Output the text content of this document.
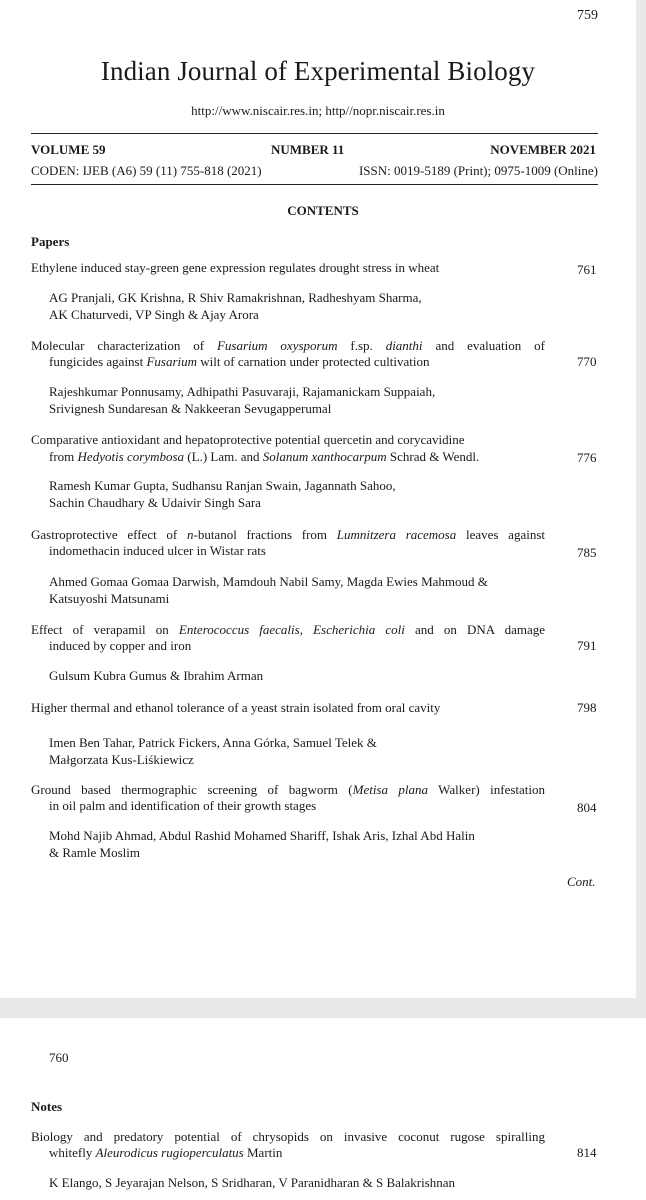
759
Indian Journal of Experimental Biology
http://www.niscair.res.in; http//nopr.niscair.res.in
VOLUME 59	NUMBER 11	NOVEMBER 2021
CODEN: IJEB (A6) 59 (11) 755-818 (2021)	ISSN: 0019-5189 (Print); 0975-1009 (Online)
CONTENTS
Papers
Ethylene induced stay-green gene expression regulates drought stress in wheat	761
AG Pranjali, GK Krishna, R Shiv Ramakrishnan, Radheshyam Sharma,
AK Chaturvedi, VP Singh & Ajay Arora
Molecular characterization of Fusarium oxysporum f.sp. dianthi and evaluation of
fungicides against Fusarium wilt of carnation under protected cultivation	770
Rajeshkumar Ponnusamy, Adhipathi Pasuvaraji, Rajamanickam Suppaiah,
Srivignesh Sundaresan & Nakkeeran Sevugapperumal
Comparative antioxidant and hepatoprotective potential quercetin and corycavidine
from Hedyotis corymbosa (L.) Lam. and Solanum xanthocarpum Schrad & Wendl.	776
Ramesh Kumar Gupta, Sudhansu Ranjan Swain, Jagannath Sahoo,
Sachin Chaudhary & Udaivir Singh Sara
Gastroprotective effect of n-butanol fractions from Lumnitzera racemosa leaves against
indomethacin induced ulcer in Wistar rats	785
Ahmed Gomaa Gomaa Darwish, Mamdouh Nabil Samy, Magda Ewies Mahmoud &
Katsuyoshi Matsunami
Effect of verapamil on Enterococcus faecalis, Escherichia coli and on DNA damage
induced by copper and iron	791
Gulsum Kubra Gumus & Ibrahim Arman
Higher thermal and ethanol tolerance of a yeast strain isolated from oral cavity	798
Imen Ben Tahar, Patrick Fickers, Anna Górka, Samuel Telek &
Małgorzata Kus-Liśkiewicz
Ground based thermographic screening of bagworm (Metisa plana Walker) infestation
in oil palm and identification of their growth stages	804
Mohd Najib Ahmad, Abdul Rashid Mohamed Shariff, Ishak Aris, Izhal Abd Halin
& Ramle Moslim
Cont.
760
Notes
Biology and predatory potential of chrysopids on invasive coconut rugose spiralling
whitefly Aleurodicus rugioperculatus Martin	814
K Elango, S Jeyarajan Nelson, S Sridharan, V Paranidharan & S Balakrishnan
